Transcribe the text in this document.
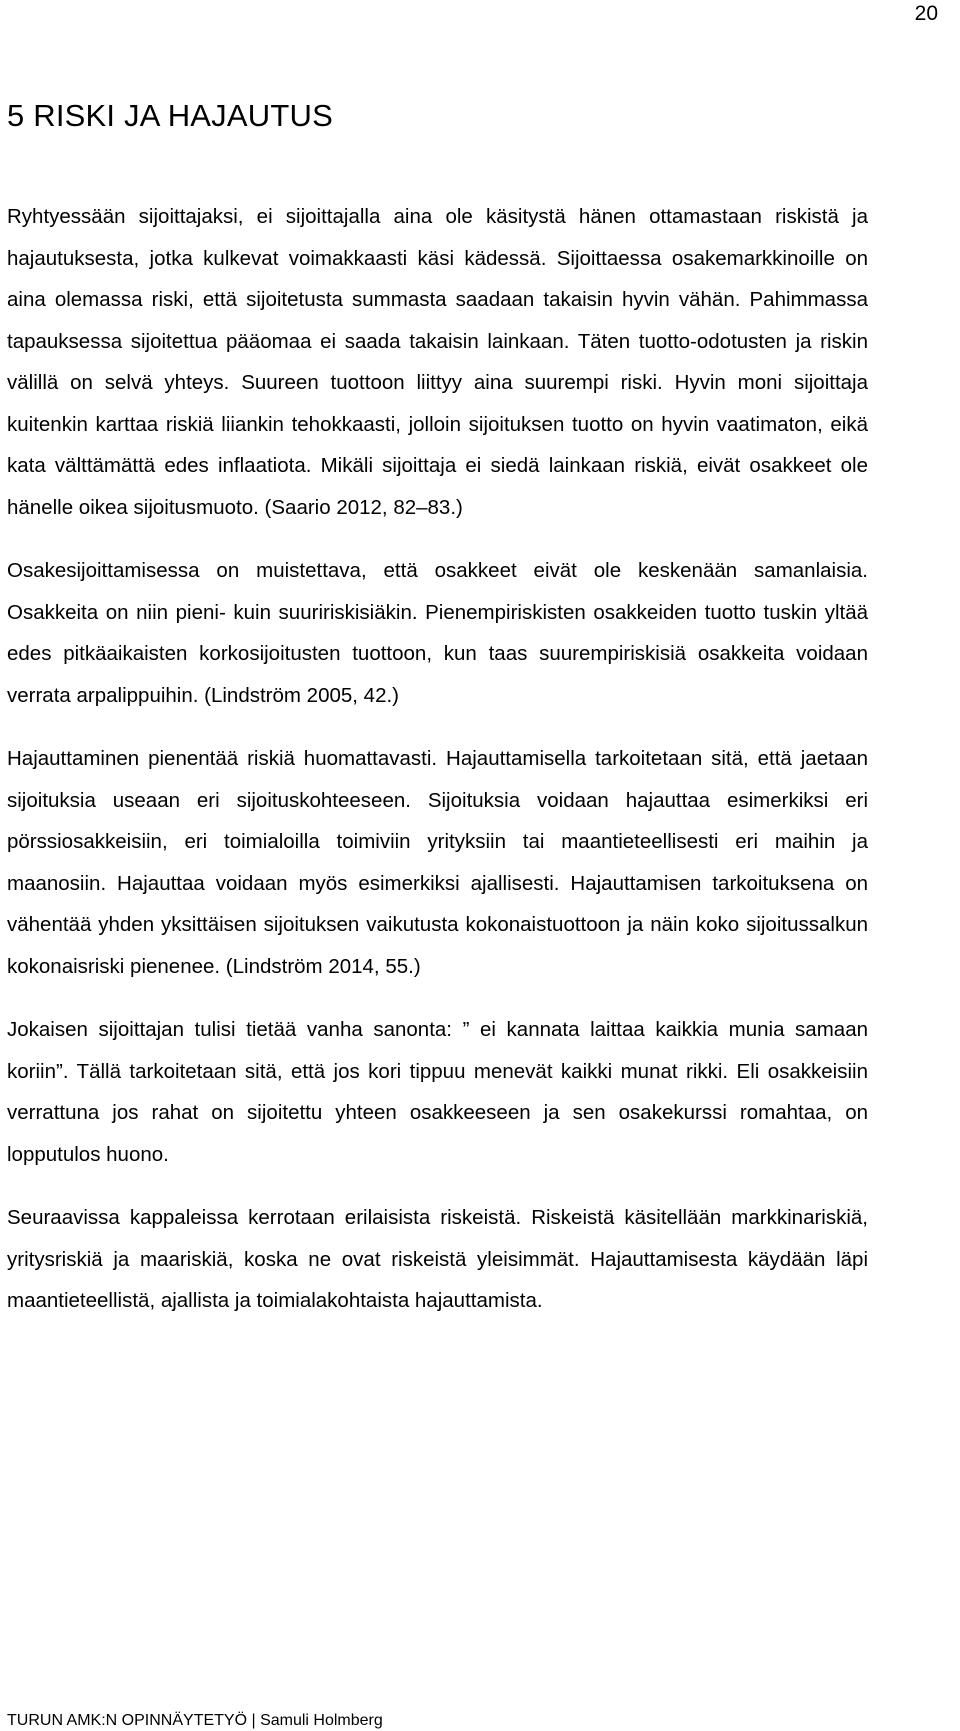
20
5 RISKI JA HAJAUTUS

Ryhtyessään sijoittajaksi, ei sijoittajalla aina ole käsitystä hänen ottamastaan riskistä ja hajautuksesta, jotka kulkevat voimakkaasti käsi kädessä. Sijoittaessa osakemarkkinoille on aina olemassa riski, että sijoitetusta summasta saadaan takaisin hyvin vähän. Pahimmassa tapauksessa sijoitettua pääomaa ei saada takaisin lainkaan. Täten tuotto-odotusten ja riskin välillä on selvä yhteys. Suureen tuottoon liittyy aina suurempi riski. Hyvin moni sijoittaja kuitenkin karttaa riskiä liiankin tehokkaasti, jolloin sijoituksen tuotto on hyvin vaatimaton, eikä kata välttämättä edes inflaatiota. Mikäli sijoittaja ei siedä lainkaan riskiä, eivät osakkeet ole hänelle oikea sijoitusmuoto. (Saario 2012, 82–83.)

Osakesijoittamisessa on muistettava, että osakkeet eivät ole keskenään samanlaisia. Osakkeita on niin pieni- kuin suuririskisiäkin. Pienempiriskisten osakkeiden tuotto tuskin yltää edes pitkäaikaisten korkosijoitusten tuottoon, kun taas suurempiriskisiä osakkeita voidaan verrata arpalippuihin. (Lindström 2005, 42.)

Hajauttaminen pienentää riskiä huomattavasti. Hajauttamisella tarkoitetaan sitä, että jaetaan sijoituksia useaan eri sijoituskohteeseen. Sijoituksia voidaan hajauttaa esimerkiksi eri pörssiosakkeisiin, eri toimialoilla toimiviin yrityksiin tai maantieteellisesti eri maihin ja maanosiin. Hajauttaa voidaan myös esimerkiksi ajallisesti. Hajauttamisen tarkoituksena on vähentää yhden yksittäisen sijoituksen vaikutusta kokonaistuottoon ja näin koko sijoitussalkun kokonaisriski pienenee. (Lindström 2014, 55.)

Jokaisen sijoittajan tulisi tietää vanha sanonta: ” ei kannata laittaa kaikkia munia samaan koriin”. Tällä tarkoitetaan sitä, että jos kori tippuu menevät kaikki munat rikki. Eli osakkeisiin verrattuna jos rahat on sijoitettu yhteen osakkeeseen ja sen osakekurssi romahtaa, on lopputulos huono.

Seuraavissa kappaleissa kerrotaan erilaisista riskeistä. Riskeistä käsitellään markkinariskiä, yritysriskiä ja maariskiä, koska ne ovat riskeistä yleisimmät. Hajauttamisesta käydään läpi maantieteellistä, ajallista ja toimialakohtaista hajauttamista.

TURUN AMK:N OPINNÄYTETYÖ | Samuli Holmberg
